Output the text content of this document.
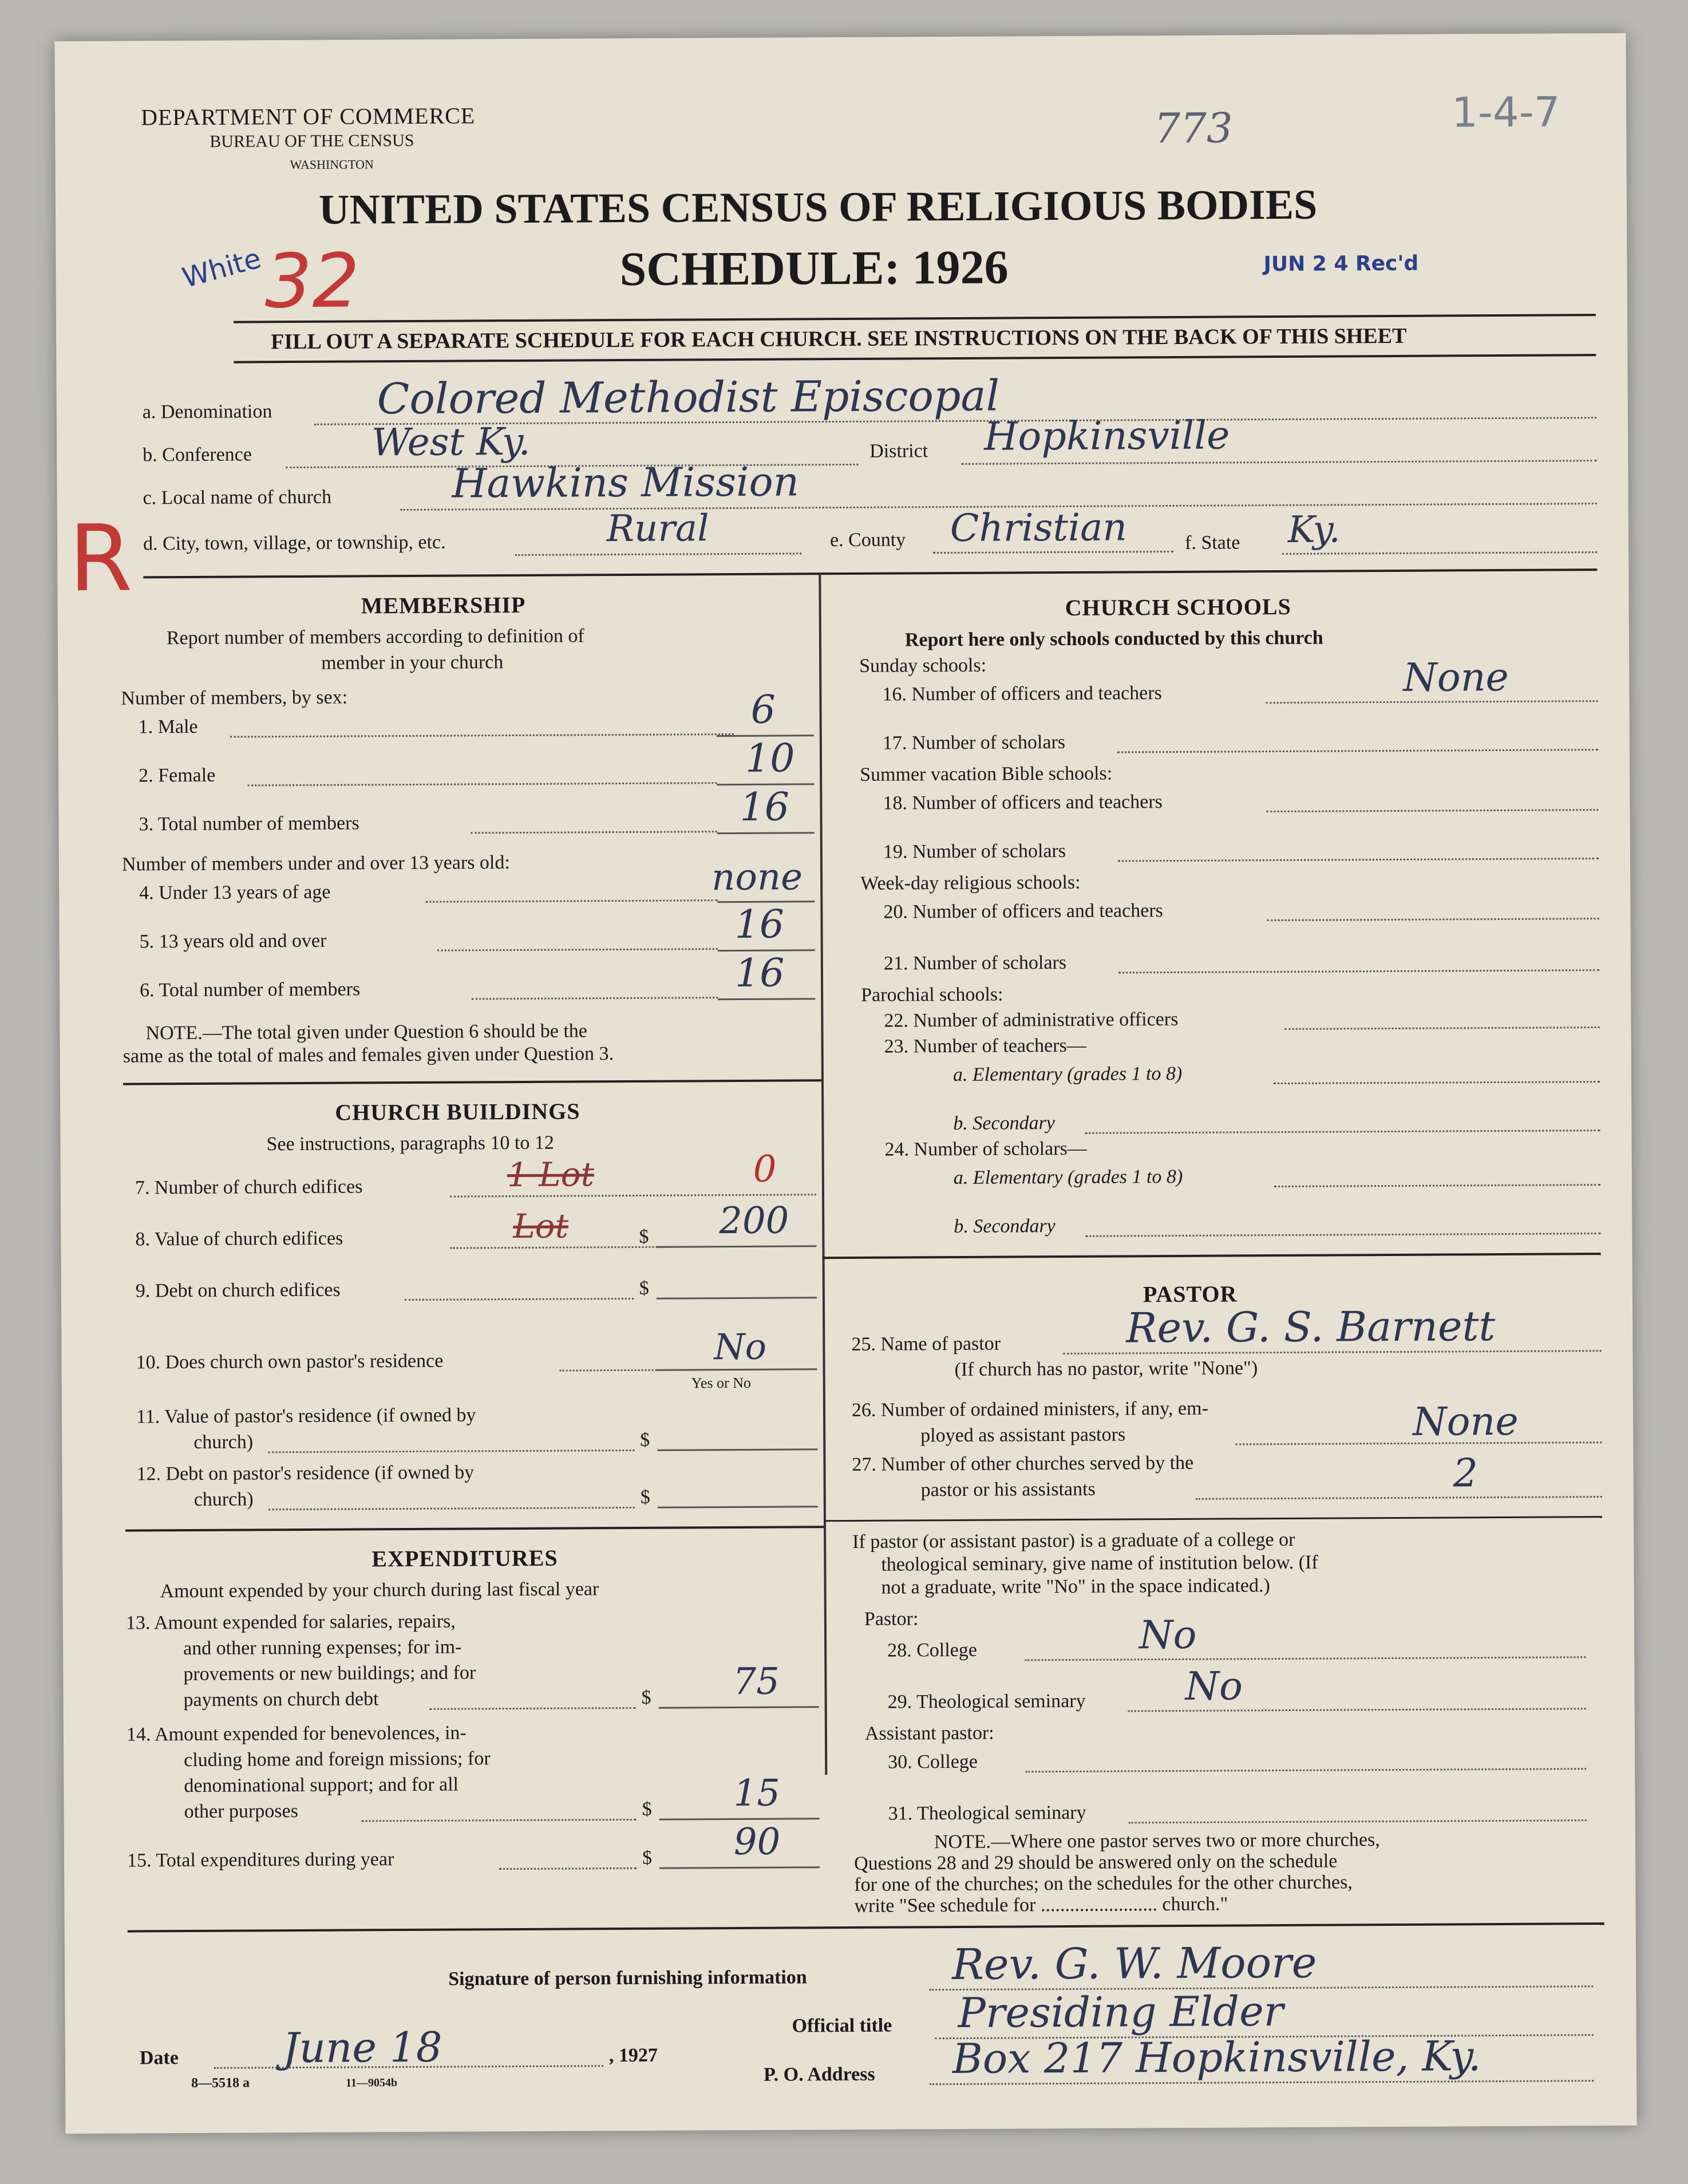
DEPARTMENT OF COMMERCE
BUREAU OF THE CENSUS
WASHINGTON
773	1-4-7
UNITED STATES CENSUS OF RELIGIOUS BODIES
SCHEDULE: 1926	JUN 2 4 Rec'd
White 32
R
FILL OUT A SEPARATE SCHEDULE FOR EACH CHURCH. SEE INSTRUCTIONS ON THE BACK OF THIS SHEET
a. Denomination Colored Methodist Episcopal
b. Conference	West Ky.	District Hopkinsville
c. Local name of church	Hawkins Mission
d. City, town, village, or township, etc.	Rural	e. County Christian	f. State Ky.
MEMBERSHIP
Report number of members according to definition of
member in your church
Number of members, by sex:
1. Male	6
2. Female	10
3. Total number of members	16
Number of members under and over 13 years old:
4. Under 13 years of age	none
5. 13 years old and over	16
6. Total number of members	16
NOTE.—The total given under Question 6 should be the
same as the total of males and females given under Question 3.
CHURCH BUILDINGS
See instructions, paragraphs 10 to 12
7. Number of church edifices	1 Lot	0
8. Value of church edifices	Lot	$ 200
9. Debt on church edifices	$
10. Does church own pastor's residence	No
Yes or No
11. Value of pastor's residence (if owned by
church)	$
12. Debt on pastor's residence (if owned by
church)	$
EXPENDITURES
Amount expended by your church during last fiscal year
13. Amount expended for salaries, repairs,
and other running expenses; for im-
provements or new buildings; and for
payments on church debt	$ 75
14. Amount expended for benevolences, in-
cluding home and foreign missions; for
denominational support; and for all
other purposes	$ 15
15. Total expenditures during year	$ 90
CHURCH SCHOOLS
Report here only schools conducted by this church
Sunday schools:
16. Number of officers and teachers	None
17. Number of scholars
Summer vacation Bible schools:
18. Number of officers and teachers
19. Number of scholars
Week-day religious schools:
20. Number of officers and teachers
21. Number of scholars
Parochial schools:
22. Number of administrative officers
23. Number of teachers—
a. Elementary (grades 1 to 8)
b. Secondary
24. Number of scholars—
a. Elementary (grades 1 to 8)
b. Secondary
PASTOR
25. Name of pastor	Rev. G. S. Barnett
(If church has no pastor, write "None")
26. Number of ordained ministers, if any, em-
ployed as assistant pastors	None
27. Number of other churches served by the
pastor or his assistants	2
If pastor (or assistant pastor) is a graduate of a college or
theological seminary, give name of institution below. (If
not a graduate, write "No" in the space indicated.)
Pastor:
28. College	No
29. Theological seminary	No
Assistant pastor:
30. College
31. Theological seminary
NOTE.—Where one pastor serves two or more churches,
Questions 28 and 29 should be answered only on the schedule
for one of the churches; on the schedules for the other churches,
write "See schedule for ........................ church."
Signature of person furnishing information	Rev. G. W. Moore
Official title Presiding Elder
Date	June 18	, 1927
8—5518 a	11—9054b	P. O. Address Box 217 Hopkinsville, Ky.
